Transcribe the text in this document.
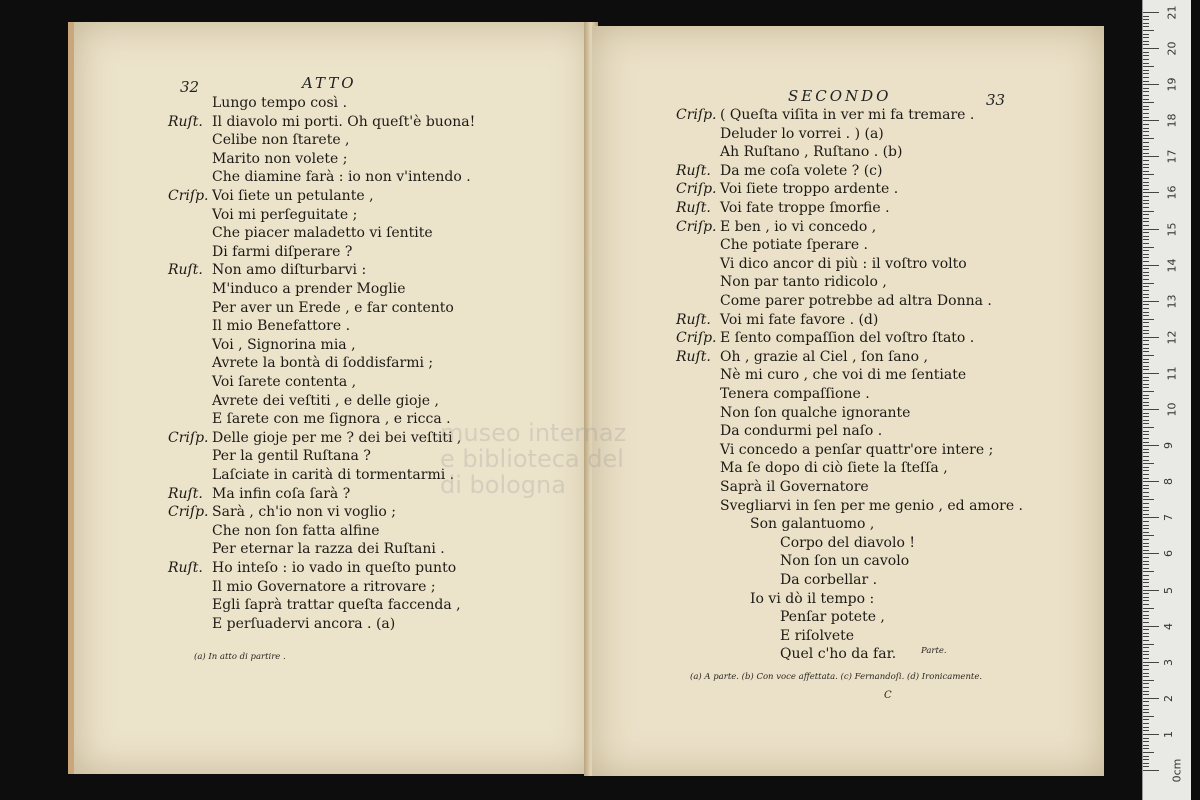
32	ATTO
SECONDO	33
Lungo tempo così .
Ruſt. Il diavolo mi porti. Oh queſt'è buona!
Celibe non ſtarete ,
Marito non volete ;
Che diamine farà : io non v'intendo .
Criſp. Voi ſiete un petulante ,
Voi mi perſeguitate ;
Che piacer maladetto vi ſentite
Di farmi diſperare ?
Ruſt. Non amo diſturbarvi :
M'induco a prender Moglie
Per aver un Erede , e far contento
Il mio Benefattore .
Voi , Signorina mia ,
Avrete la bontà di ſoddisfarmi ;
Voi ſarete contenta ,
Avrete dei veſtiti , e delle gioje ,
E ſarete con me ſignora , e ricca .
Criſp. Delle gioje per me ? dei bei veſtiti ,
Per la gentil Ruſtana ?
Laſciate in carità di tormentarmi .
Ruſt. Ma infin coſa ſarà ?
Criſp. Sarà , ch'io non vi voglio ;
Che non ſon fatta alfine
Per eternar la razza dei Ruſtani .
Ruſt. Ho inteſo : io vado in queſto punto
Il mio Governatore a ritrovare ;
Egli ſaprà trattar queſta faccenda ,
E perſuadervi ancora . (a)
Criſp. ( Queſta viſita in ver mi fa tremare .
Deluder lo vorrei . ) (a)
Ah Ruſtano , Ruſtano . (b)
Ruſt. Da me coſa volete ? (c)
Criſp. Voi ſiete troppo ardente .
Ruſt. Voi fate troppe ſmorfie .
Criſp. E ben , io vi concedo ,
Che potiate ſperare .
Vi dico ancor di più : il voſtro volto
Non par tanto ridicolo ,
Come parer potrebbe ad altra Donna .
Ruſt. Voi mi fate favore . (d)
Criſp. E ſento compaſſion del voſtro ſtato .
Ruſt. Oh , grazie al Ciel , ſon ſano ,
Nè mi curo , che voi di me ſentiate
Tenera compaſſione .
Non ſon qualche ignorante
Da condurmi pel naſo .
Vi concedo a penſar quattr'ore intere ;
Ma ſe dopo di ciò ſiete la ſteſſa ,
Saprà il Governatore
Svegliarvi in ſen per me genio , ed amore .
Son galantuomo ,
Corpo del diavolo !
Non ſon un cavolo
Da corbellar .
Io vi dò il tempo :
Penſar potete ,
E riſolvete
Quel c'ho da far.
(a) In atto di partire .
(a) A parte. (b) Con voce affettata. (c) Fernandoſi. (d) Ironicamente.
Parte.
C
museo internaz
e biblioteca del
di bologna
21
20
19
18
17
16
15
14
13
12
11
10
9
8
7
6
5
4
3
2
1
0cm
